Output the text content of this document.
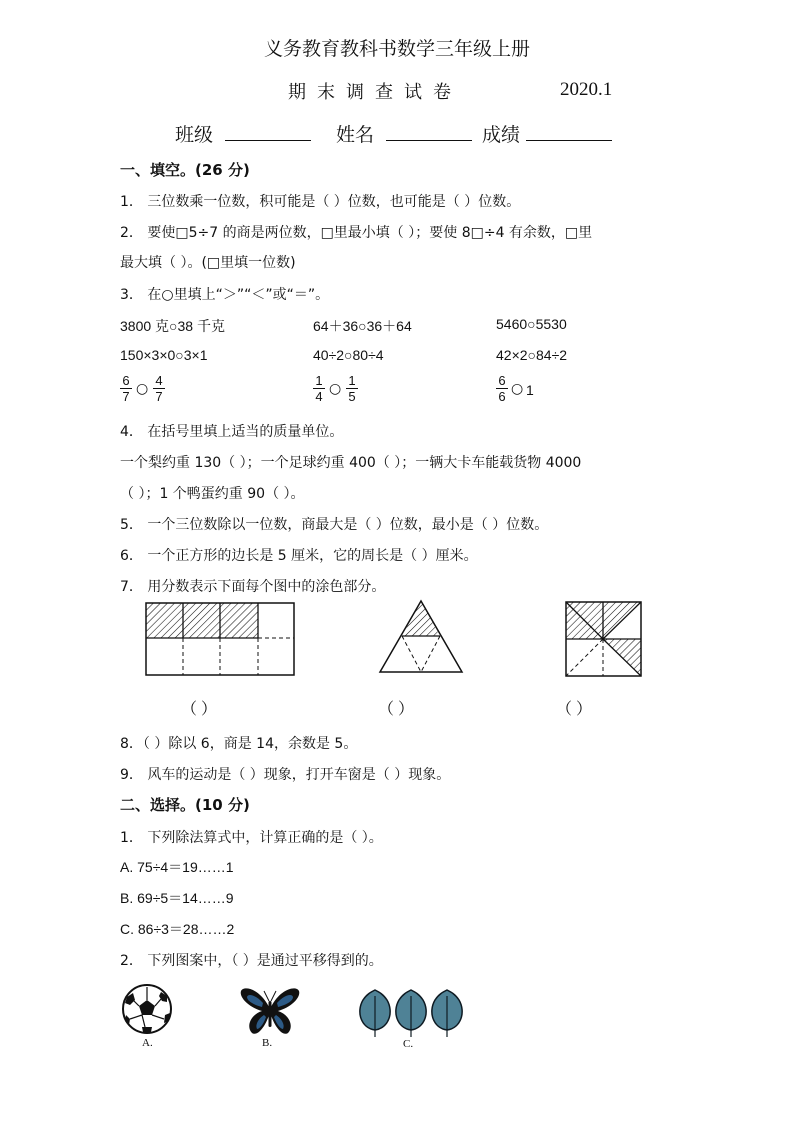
义务教育教科书数学三年级上册
期末调查试卷	2020.1
班级	姓名	成绩
一、填空。(26 分)
1． 三位数乘一位数，积可能是（ ）位数，也可能是（ ）位数。
2． 要使□5÷7 的商是两位数，□里最小填（ ）；要使 8□÷4 有余数，□里
最大填（ ）。(□里填一位数)
3． 在○里填上“＞”“＜”或“＝”。
3800 克○38 千克	64＋36○36＋64	5460○5530
150×3×0○3×1	40÷2○80÷4	42×2○84÷2
$\frac{6}{7}$ ○ $\frac{4}{7}$	$\frac{1}{4}$ ○ $\frac{1}{5}$	$\frac{6}{6}$ ○ 1
4． 在括号里填上适当的质量单位。
一个梨约重 130（ ）；一个足球约重 400（ ）；一辆大卡车能载货物 4000
（ ）；1 个鸭蛋约重 90（ ）。
5． 一个三位数除以一位数，商最大是（ ）位数，最小是（ ）位数。
6． 一个正方形的边长是 5 厘米，它的周长是（ ）厘米。
7． 用分数表示下面每个图中的涂色部分。
（ ）	（ ）	（ ）
8．（ ）除以 6，商是 14，余数是 5。
9． 风车的运动是（ ）现象，打开车窗是（ ）现象。
二、选择。(10 分)
1． 下列除法算式中，计算正确的是（ ）。
A. 75÷4＝19……1
B. 69÷5＝14……9
C. 86÷3＝28……2
2． 下列图案中，（ ）是通过平移得到的。
A.	B.	C.
